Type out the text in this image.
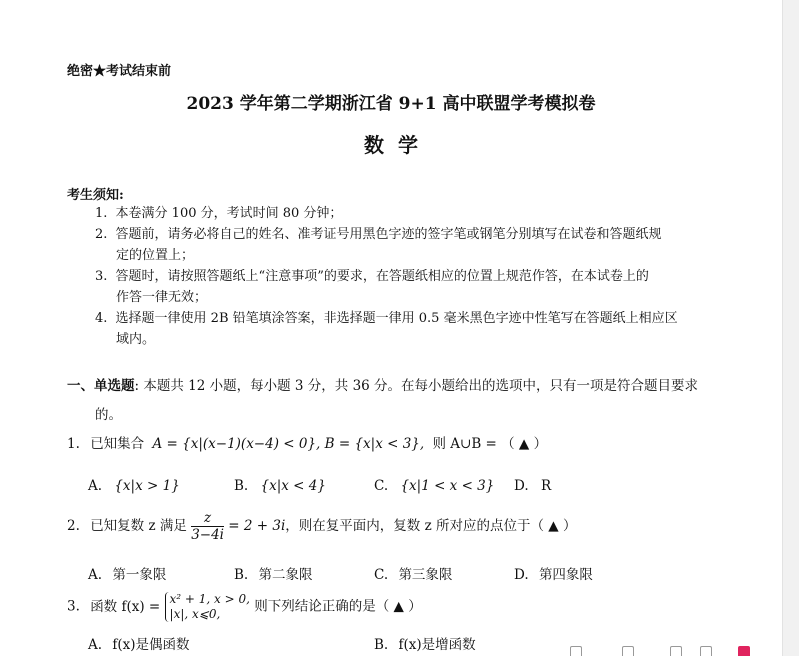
绝密★考试结束前
2023 学年第二学期浙江省 9+1 高中联盟学考模拟卷
数学
考生须知:
1. 本卷满分 100 分，考试时间 80 分钟；
2. 答题前，请务必将自己的姓名、准考证号用黑色字迹的签字笔或钢笔分别填写在试卷和答题纸规
定的位置上；
3. 答题时，请按照答题纸上“注意事项”的要求，在答题纸相应的位置上规范作答，在本试卷上的
作答一律无效；
4. 选择题一律使用 2B 铅笔填涂答案，非选择题一律用 0.5 毫米黑色字迹中性笔写在答题纸上相应区
域内。
一、单选题: 本题共 12 小题，每小题 3 分，共 36 分。在每小题给出的选项中，只有一项是符合题目要求
的。
1. 已知集合 A = {x|(x−1)(x−4) < 0}, B = {x|x < 3}, 则 A∪B = （ ▲ ）
A. {x|x > 1}	B. {x|x < 4}	C. {x|1 < x < 3} D. R
2. 已知复数 z 满足 $\frac{z}{3-4i} = 2 + 3i$，则在复平面内，复数 z 所对应的点位于（ ▲ ）
A. 第一象限	B. 第二象限	C. 第三象限	D. 第四象限
3. 函数 f(x) = x² + 1, x > 0,
|x|, x⩽0,	则下列结论正确的是（ ▲ ）
A. f(x)是偶函数	B. f(x)是增函数
